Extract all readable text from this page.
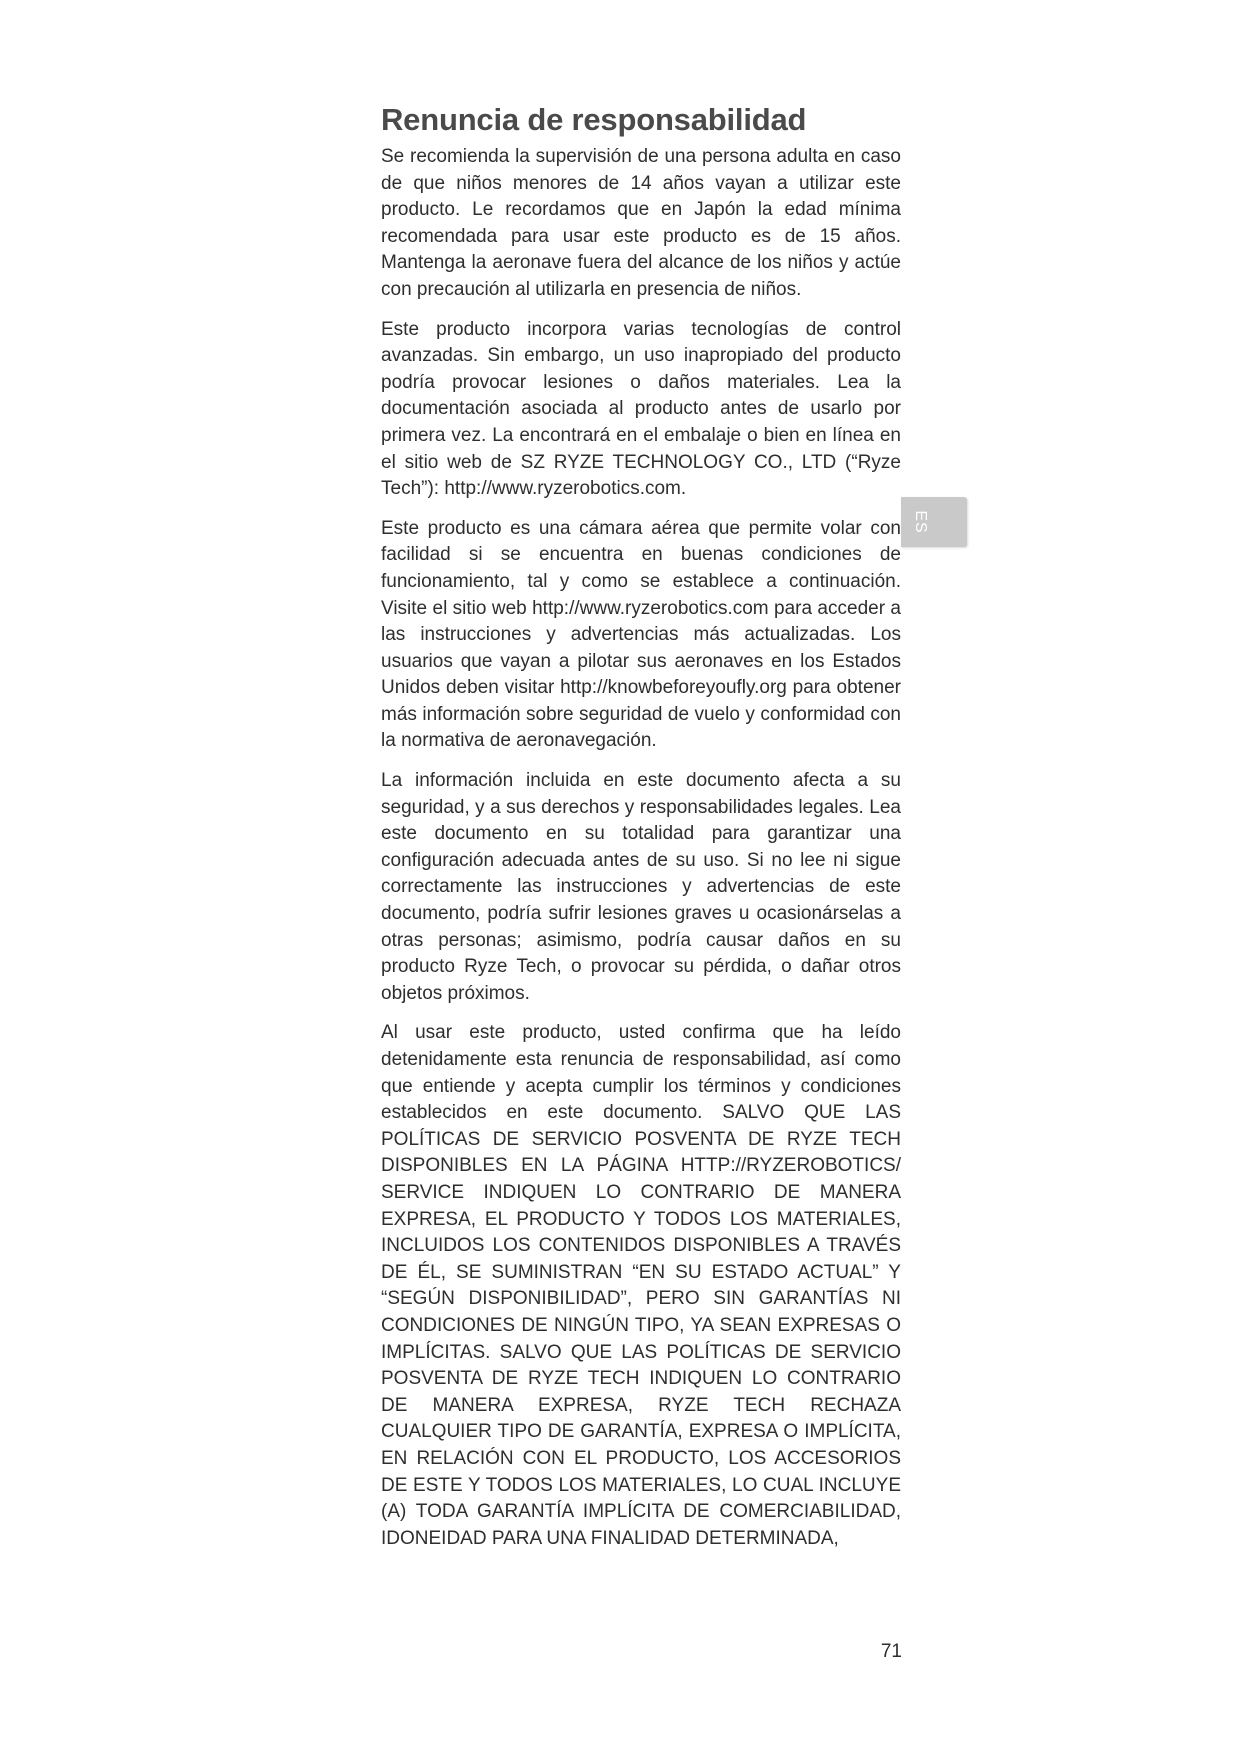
Renuncia de responsabilidad

Se recomienda la supervisión de una persona adulta en caso de que niños menores de 14 años vayan a utilizar este producto. Le recordamos que en Japón la edad mínima recomendada para usar este producto es de 15 años. Mantenga la aeronave fuera del alcance de los niños y actúe con precaución al utilizarla en presencia de niños.

Este producto incorpora varias tecnologías de control avanzadas. Sin embargo, un uso inapropiado del producto podría provocar lesiones o daños materiales. Lea la documentación asociada al producto antes de usarlo por primera vez. La encontrará en el embalaje o bien en línea en el sitio web de SZ RYZE TECHNOLOGY CO., LTD (“Ryze Tech”): http://www.ryzerobotics.com.

Este producto es una cámara aérea que permite volar con facilidad si se encuentra en buenas condiciones de funcionamiento, tal y como se establece a continuación. Visite el sitio web http://www.ryzerobotics.com para acceder a las instrucciones y advertencias más actualizadas. Los usuarios que vayan a pilotar sus aeronaves en los Estados Unidos deben visitar http://knowbeforeyoufly.org para obtener más información sobre seguridad de vuelo y conformidad con la normativa de aeronavegación.

La información incluida en este documento afecta a su seguridad, y a sus derechos y responsabilidades legales. Lea este documento en su totalidad para garantizar una configuración adecuada antes de su uso. Si no lee ni sigue correctamente las instrucciones y advertencias de este documento, podría sufrir lesiones graves u ocasionárselas a otras personas; asimismo, podría causar daños en su producto Ryze Tech, o provocar su pérdida, o dañar otros objetos próximos.

Al usar este producto, usted confirma que ha leído detenidamente esta renuncia de responsabilidad, así como que entiende y acepta cumplir los términos y condiciones establecidos en este documento. SALVO QUE LAS POLÍTICAS DE SERVICIO POSVENTA DE RYZE TECH DISPONIBLES EN LA PÁGINA HTTP://RYZEROBOTICS/ SERVICE INDIQUEN LO CONTRARIO DE MANERA EXPRESA, EL PRODUCTO Y TODOS LOS MATERIALES, INCLUIDOS LOS CONTENIDOS DISPONIBLES A TRAVÉS DE ÉL, SE SUMINISTRAN “EN SU ESTADO ACTUAL” Y “SEGÚN DISPONIBILIDAD”, PERO SIN GARANTÍAS NI CONDICIONES DE NINGÚN TIPO, YA SEAN EXPRESAS O IMPLÍCITAS. SALVO QUE LAS POLÍTICAS DE SERVICIO POSVENTA DE RYZE TECH INDIQUEN LO CONTRARIO DE MANERA EXPRESA, RYZE TECH RECHAZA CUALQUIER TIPO DE GARANTÍA, EXPRESA O IMPLÍCITA, EN RELACIÓN CON EL PRODUCTO, LOS ACCESORIOS DE ESTE Y TODOS LOS MATERIALES, LO CUAL INCLUYE (A) TODA GARANTÍA IMPLÍCITA DE COMERCIABILIDAD, IDONEIDAD PARA UNA FINALIDAD DETERMINADA,

ES
71
